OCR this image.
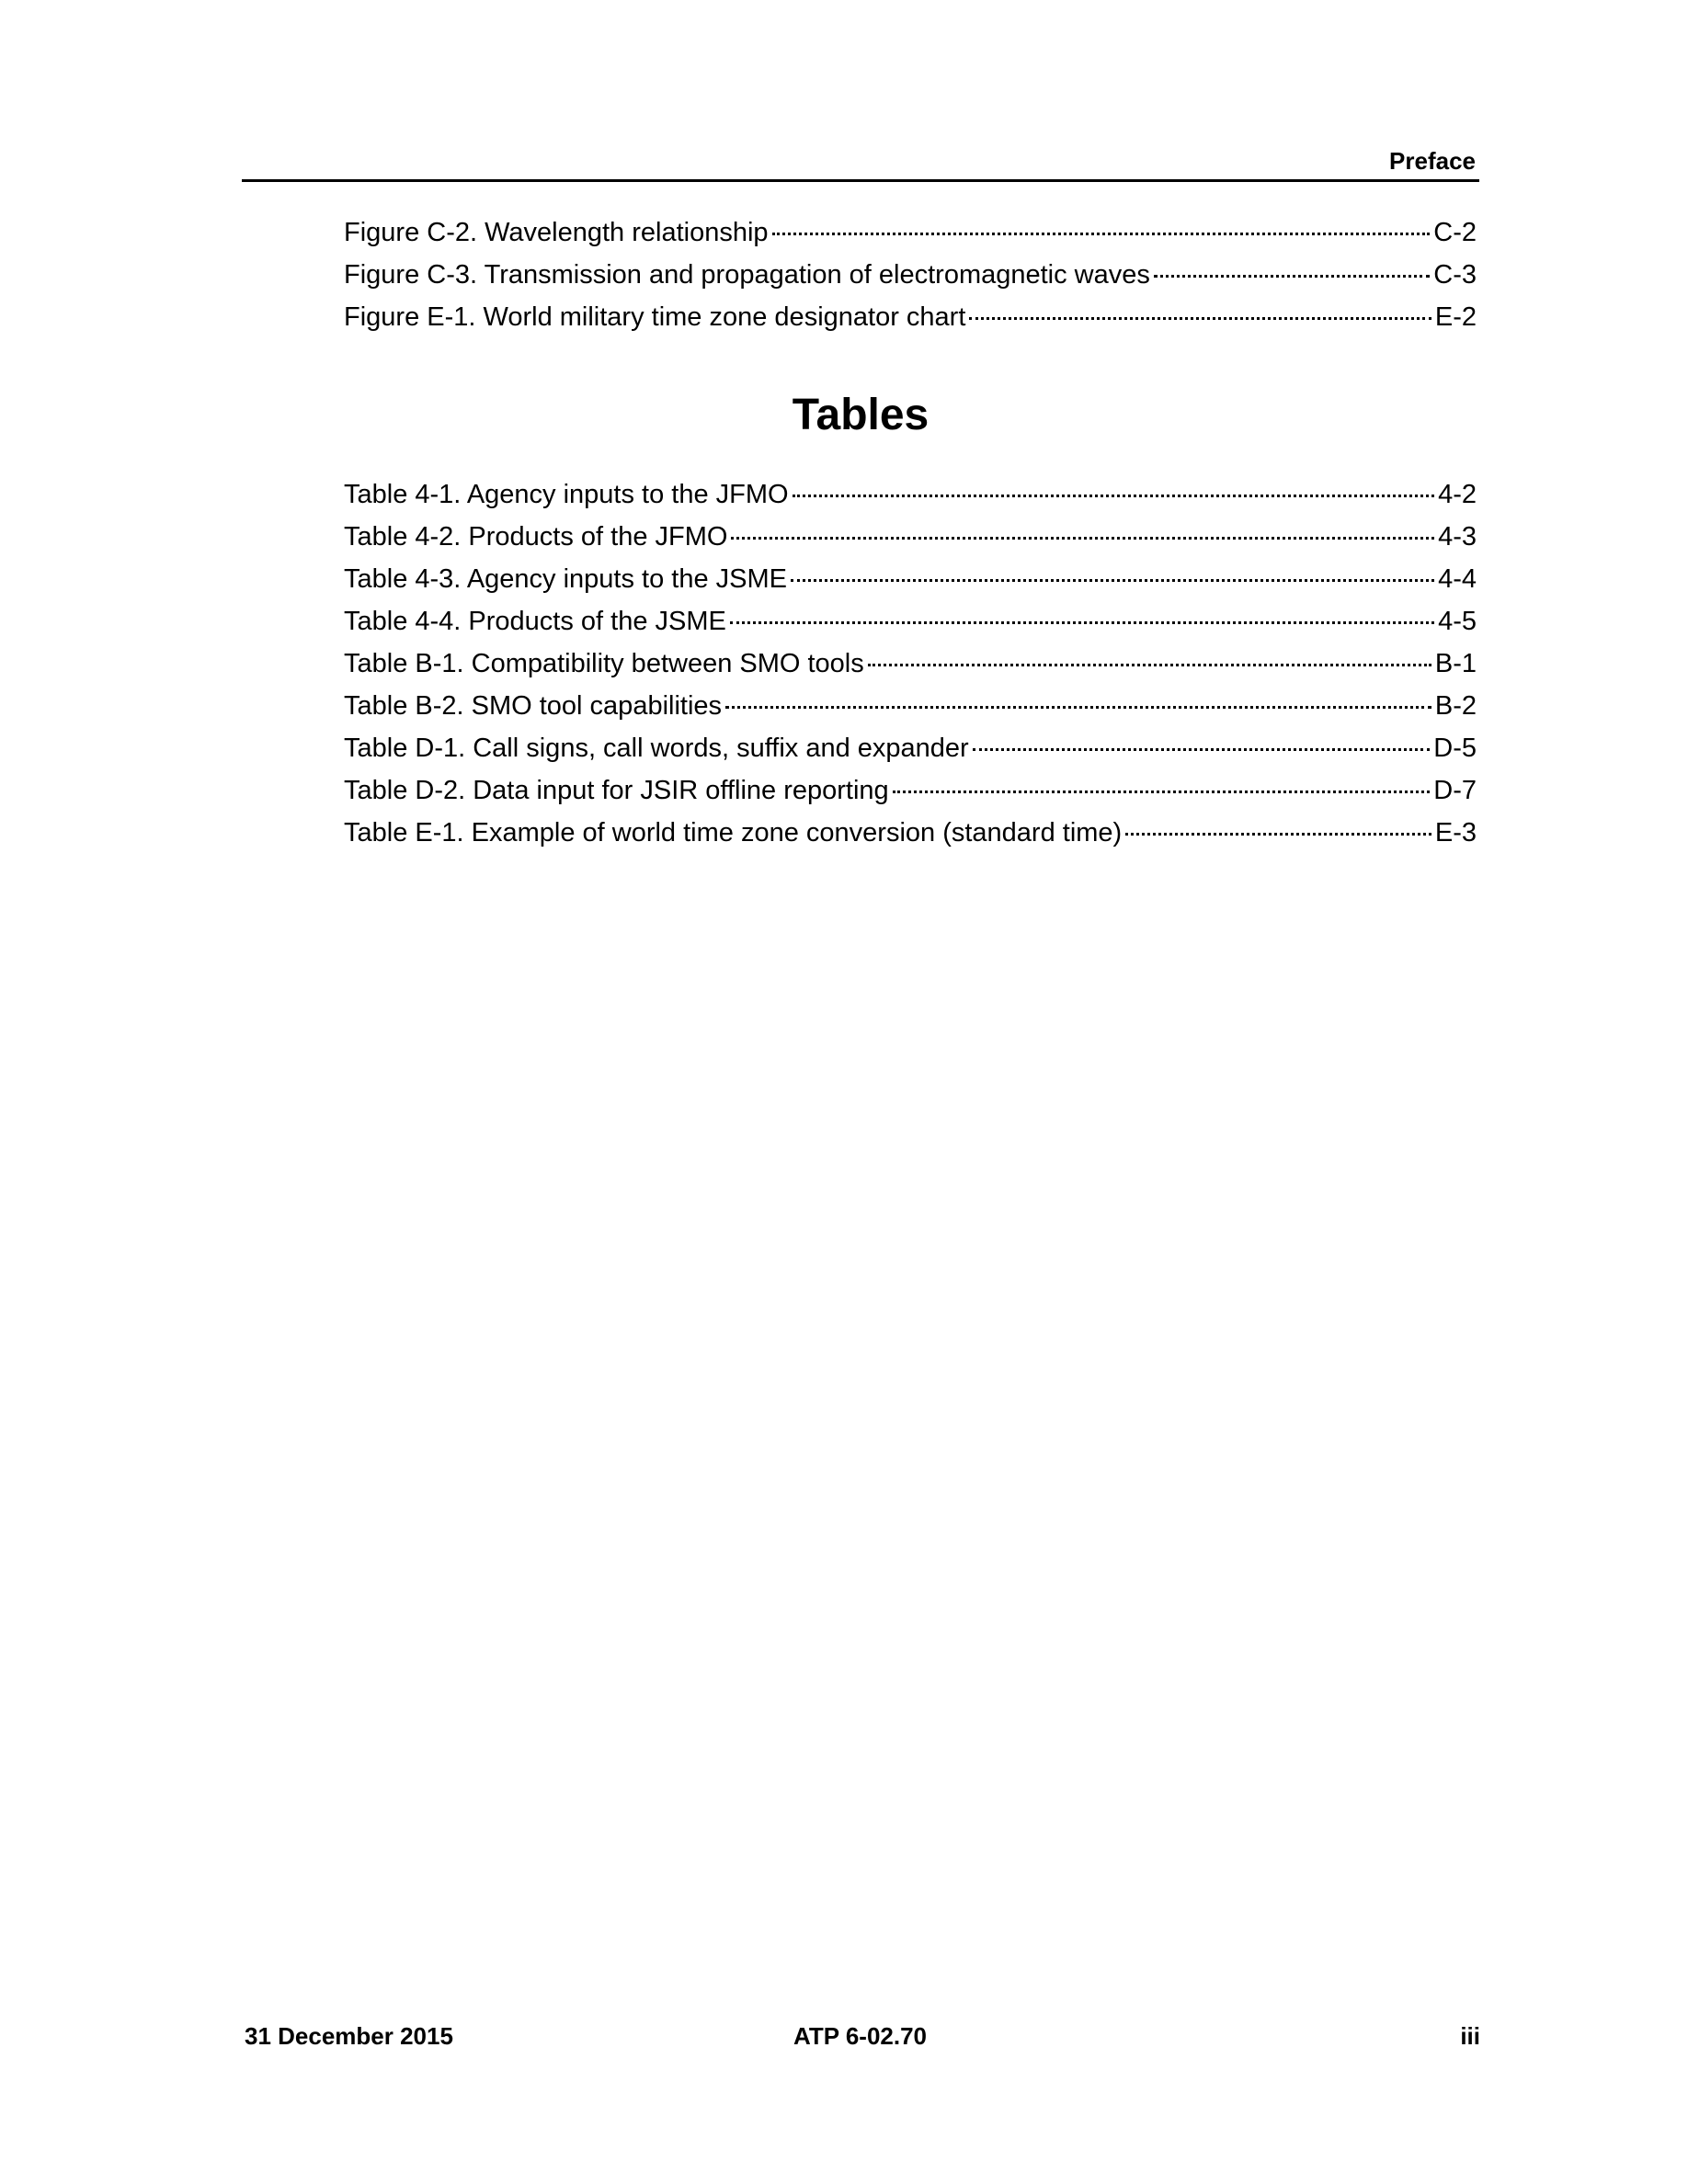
Preface
Figure C-2. Wavelength relationship	C-2
Figure C-3. Transmission and propagation of electromagnetic waves	C-3
Figure E-1. World military time zone designator chart	E-2
Tables
Table 4-1. Agency inputs to the JFMO	4-2
Table 4-2. Products of the JFMO	4-3
Table 4-3. Agency inputs to the JSME	4-4
Table 4-4. Products of the JSME	4-5
Table B-1. Compatibility between SMO tools	B-1
Table B-2. SMO tool capabilities	B-2
Table D-1. Call signs, call words, suffix and expander	D-5
Table D-2. Data input for JSIR offline reporting	D-7
Table E-1. Example of world time zone conversion (standard time)	E-3
31 December 2015	ATP 6-02.70	iii
